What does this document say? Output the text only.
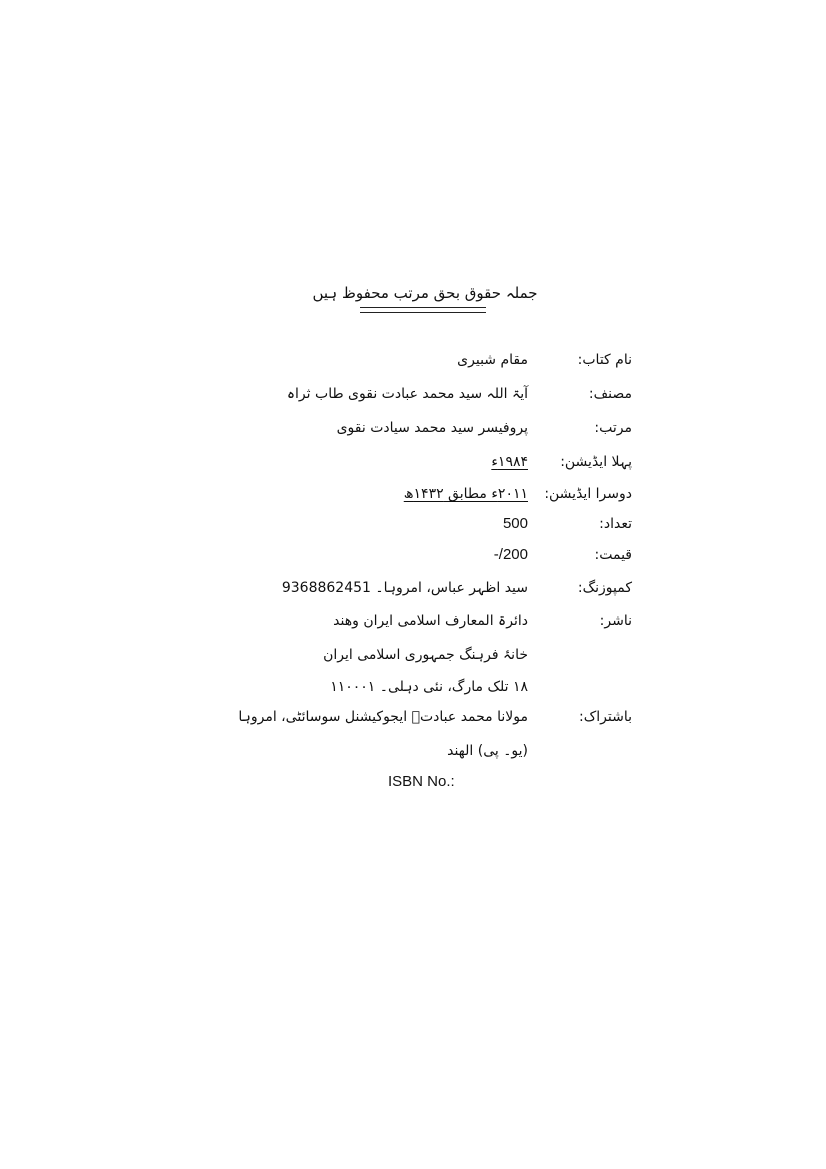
جملہ حقوق بحق مرتب محفوظ ہیں
نام کتاب:
مقام شبیری
مصنف:
آیۃ اللہ سید محمد عبادت نقوی طاب ثراہ
مرتب:
پروفیسر سید محمد سیادت نقوی
پہلا ایڈیشن:
۱۹۸۴ء
دوسرا ایڈیشن:
۲۰۱۱ء مطابق ۱۴۳۲ھ
تعداد:
500
قیمت:
200/-
کمپوزنگ:
سید اظہر عباس، امروہا۔ 9368862451
ناشر:
دائرۃ المعارف اسلامی ایران وھند
خانۂ فرہنگ جمہوری اسلامی ایران
۱۸ تلک مارگ، نئی دہلی۔ ۱۱۰۰۰۱
باشتراک:
مولانا محمد عبادتؒ ایجوکیشنل سوسائٹی، امروہا
(یو۔ پی) الھند
ISBN No.:
